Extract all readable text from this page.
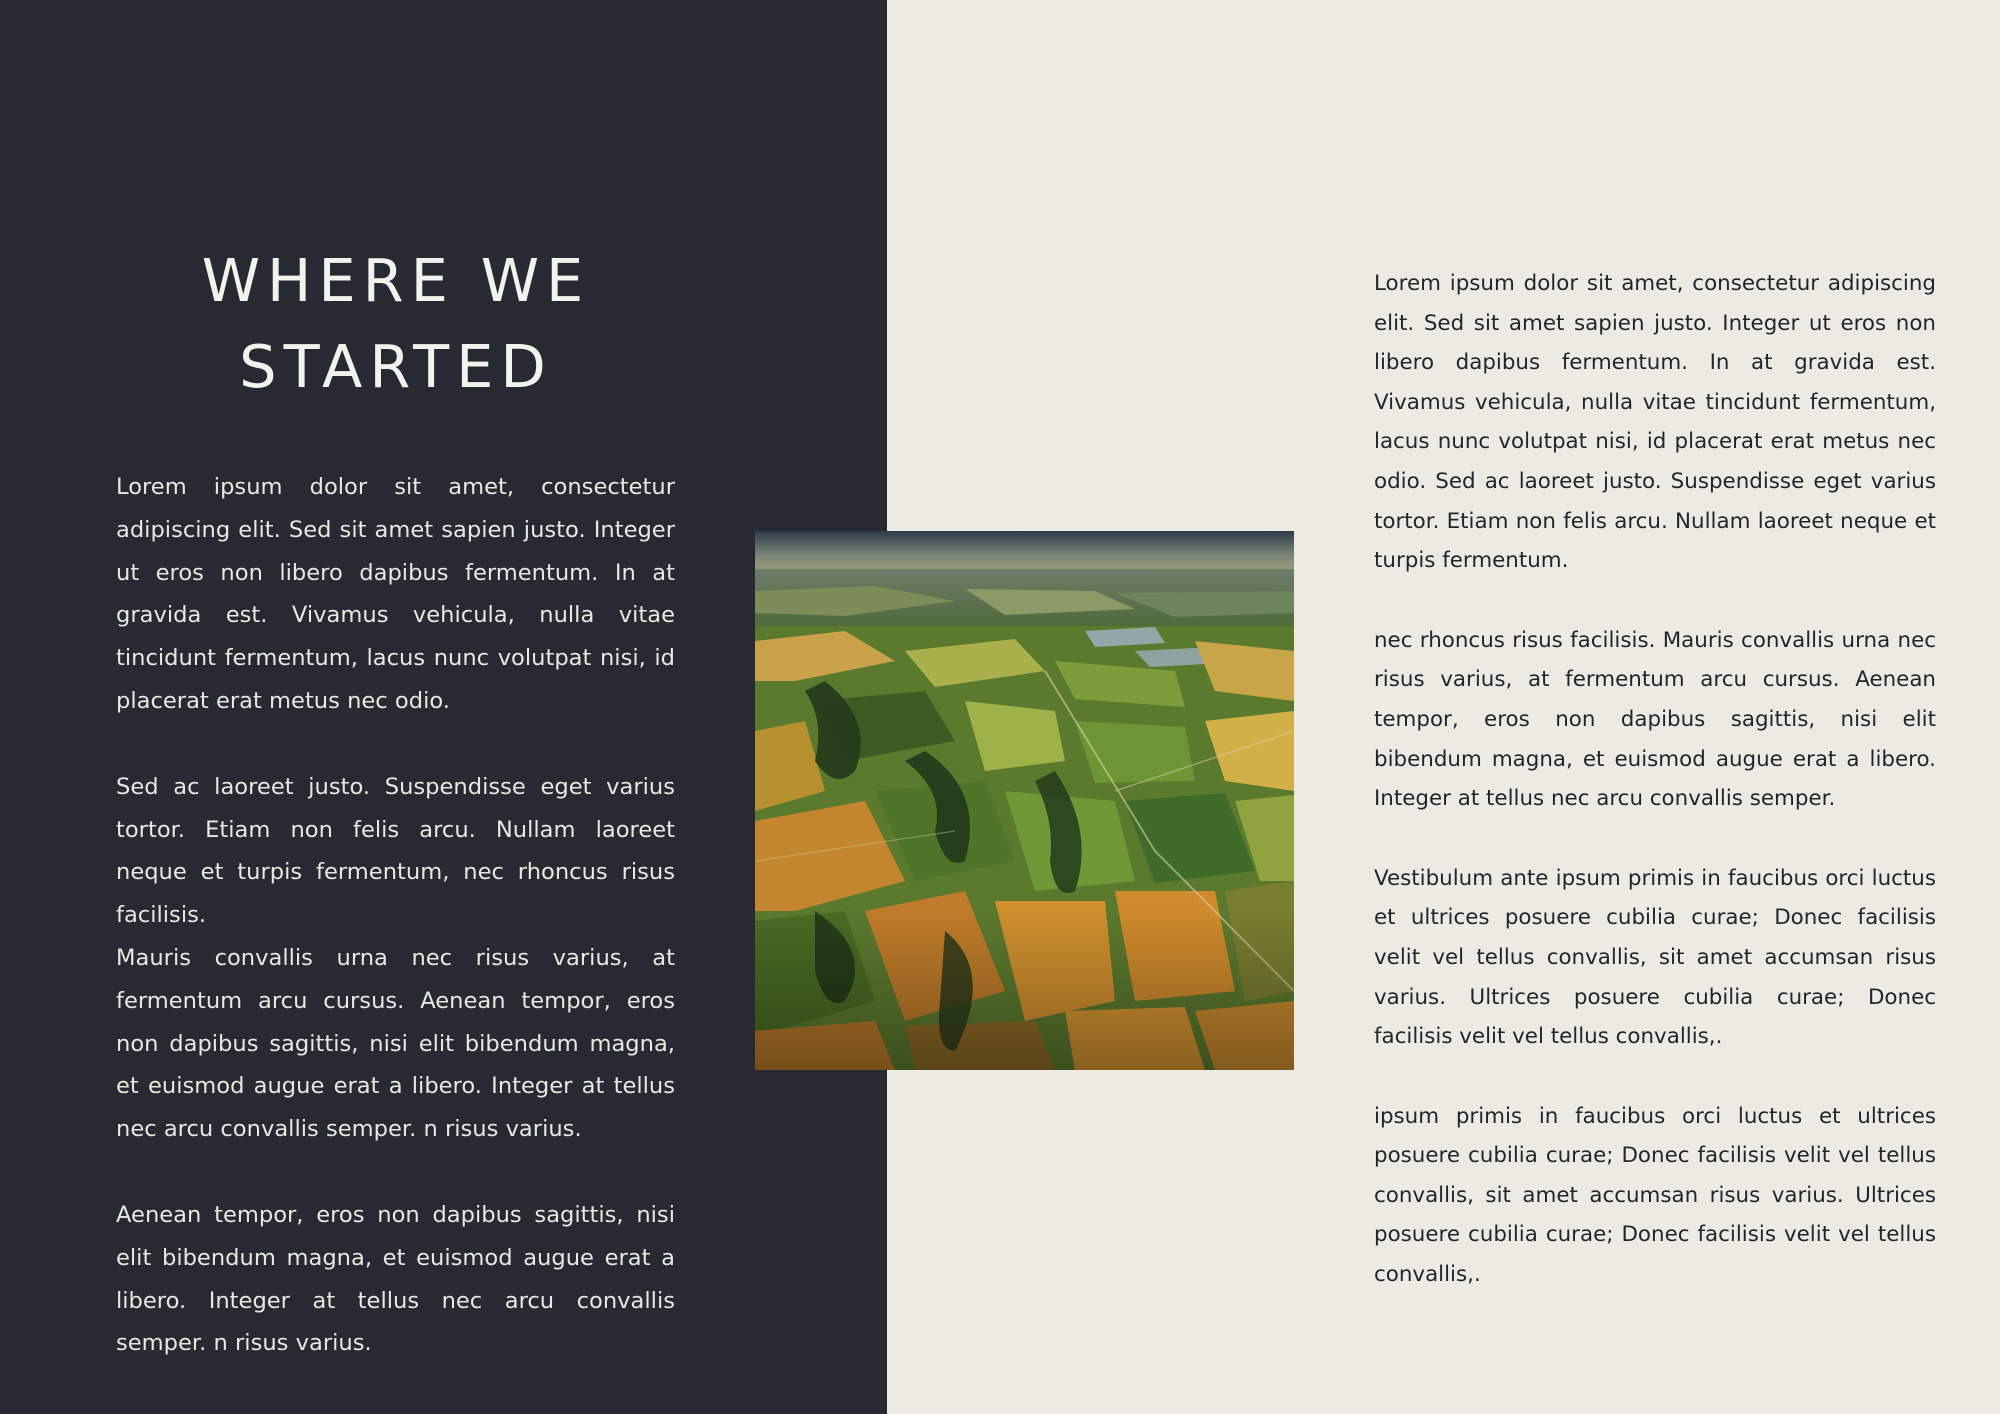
WHERE WE STARTED

Lorem ipsum dolor sit amet, consectetur adipiscing elit. Sed sit amet sapien justo. Integer ut eros non libero dapibus fermentum. In at gravida est. Vivamus vehicula, nulla vitae tincidunt fermentum, lacus nunc volutpat nisi, id placerat erat metus nec odio.

Sed ac laoreet justo. Suspendisse eget varius tortor. Etiam non felis arcu. Nullam laoreet neque et turpis fermentum, nec rhoncus risus facilisis.

Mauris convallis urna nec risus varius, at fermentum arcu cursus. Aenean tempor, eros non dapibus sagittis, nisi elit bibendum magna, et euismod augue erat a libero. Integer at tellus nec arcu convallis semper. n risus varius.

Aenean tempor, eros non dapibus sagittis, nisi elit bibendum magna, et euismod augue erat a libero. Integer at tellus nec arcu convallis semper. n risus varius.

Lorem ipsum dolor sit amet, consectetur adipiscing elit. Sed sit amet sapien justo. Integer ut eros non libero dapibus fermentum. In at gravida est. Vivamus vehicula, nulla vitae tincidunt fermentum, lacus nunc volutpat nisi, id placerat erat metus nec odio. Sed ac laoreet justo. Suspendisse eget varius tortor. Etiam non felis arcu. Nullam laoreet neque et turpis fermentum.

nec rhoncus risus facilisis. Mauris convallis urna nec risus varius, at fermentum arcu cursus. Aenean tempor, eros non dapibus sagittis, nisi elit bibendum magna, et euismod augue erat a libero. Integer at tellus nec arcu convallis semper.

Vestibulum ante ipsum primis in faucibus orci luctus et ultrices posuere cubilia curae; Donec facilisis velit vel tellus convallis, sit amet accumsan risus varius. Ultrices posuere cubilia curae; Donec facilisis velit vel tellus convallis,.

ipsum primis in faucibus orci luctus et ultrices posuere cubilia curae; Donec facilisis velit vel tellus convallis, sit amet accumsan risus varius. Ultrices posuere cubilia curae; Donec facilisis velit vel tellus convallis,.
